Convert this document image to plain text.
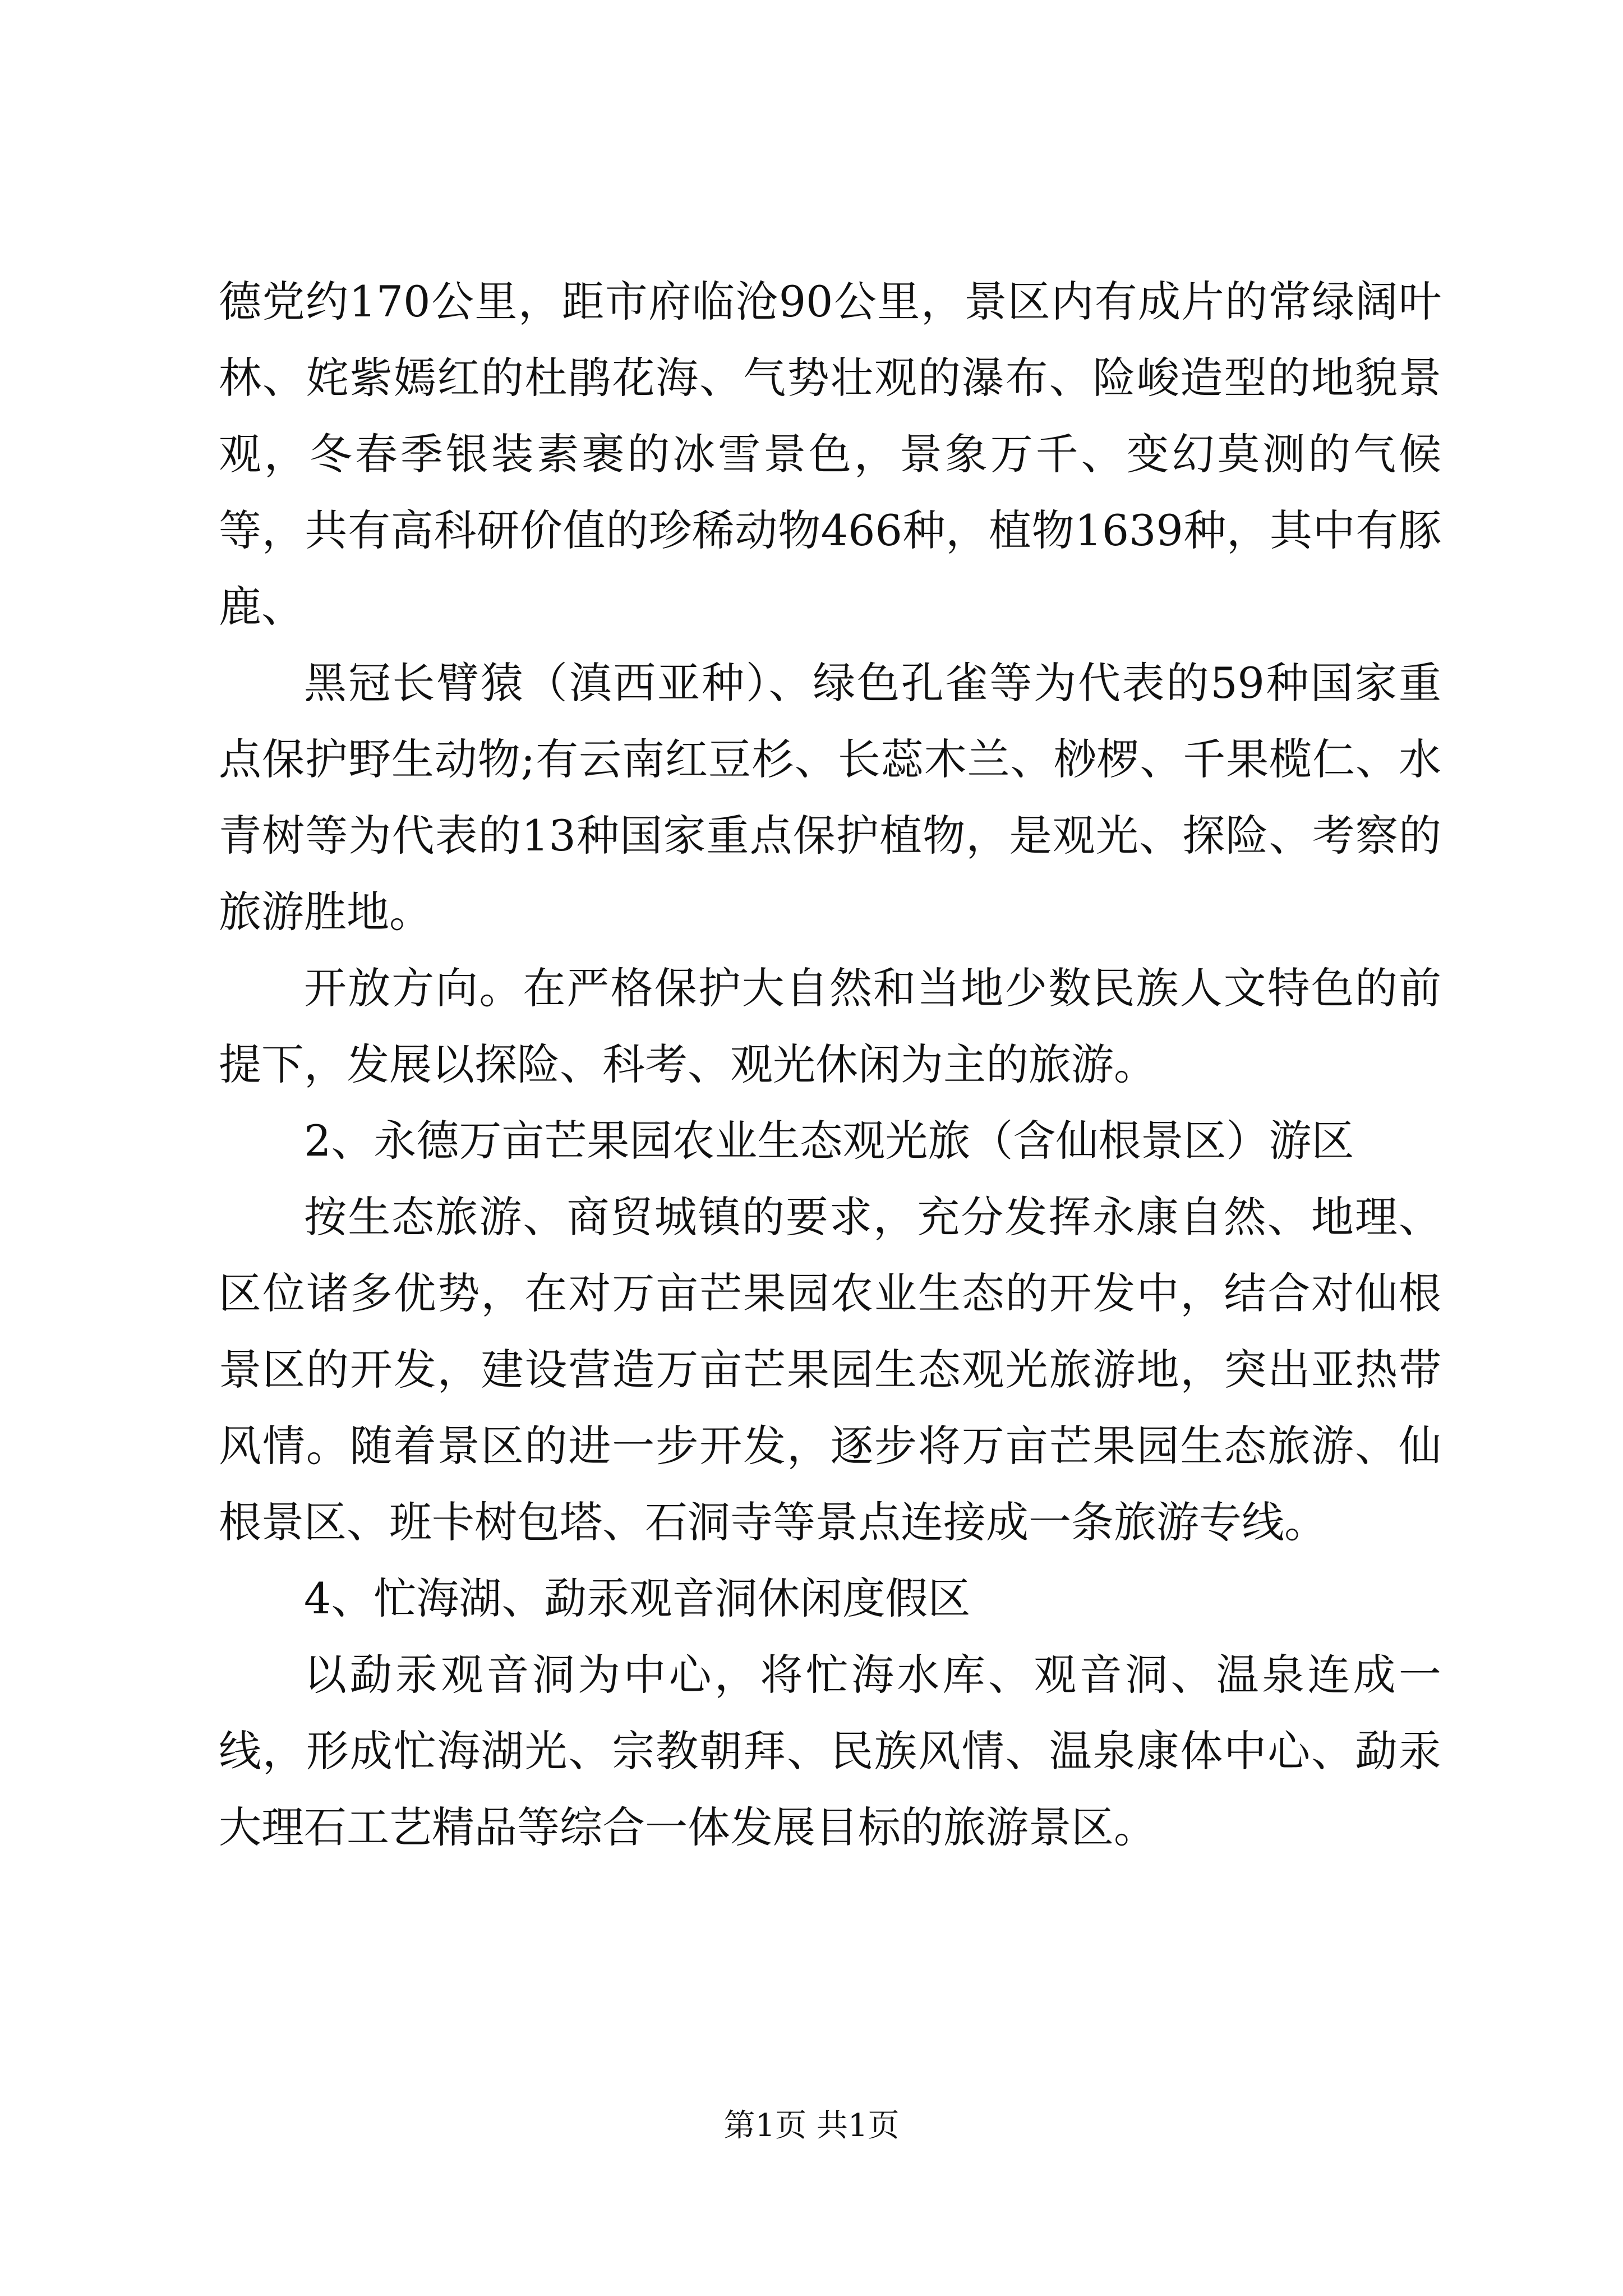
德党约170公里，距市府临沧90公里，景区内有成片的常绿阔叶林、姹紫嫣红的杜鹃花海、气势壮观的瀑布、险峻造型的地貌景观，冬春季银装素裹的冰雪景色，景象万千、变幻莫测的气候等，共有高科研价值的珍稀动物466种，植物1639种，其中有豚鹿、

黑冠长臂猿（滇西亚种）、绿色孔雀等为代表的59种国家重点保护野生动物;有云南红豆杉、长蕊木兰、桫椤、千果榄仁、水青树等为代表的13种国家重点保护植物，是观光、探险、考察的旅游胜地。

开放方向。在严格保护大自然和当地少数民族人文特色的前提下，发展以探险、科考、观光休闲为主的旅游。

2、永德万亩芒果园农业生态观光旅（含仙根景区）游区

按生态旅游、商贸城镇的要求，充分发挥永康自然、地理、区位诸多优势，在对万亩芒果园农业生态的开发中，结合对仙根景区的开发，建设营造万亩芒果园生态观光旅游地，突出亚热带风情。随着景区的进一步开发，逐步将万亩芒果园生态旅游、仙根景区、班卡树包塔、石洞寺等景点连接成一条旅游专线。

4、忙海湖、勐汞观音洞休闲度假区

以勐汞观音洞为中心，将忙海水库、观音洞、温泉连成一线，形成忙海湖光、宗教朝拜、民族风情、温泉康体中心、勐汞大理石工艺精品等综合一体发展目标的旅游景区。

第1页 共1页
